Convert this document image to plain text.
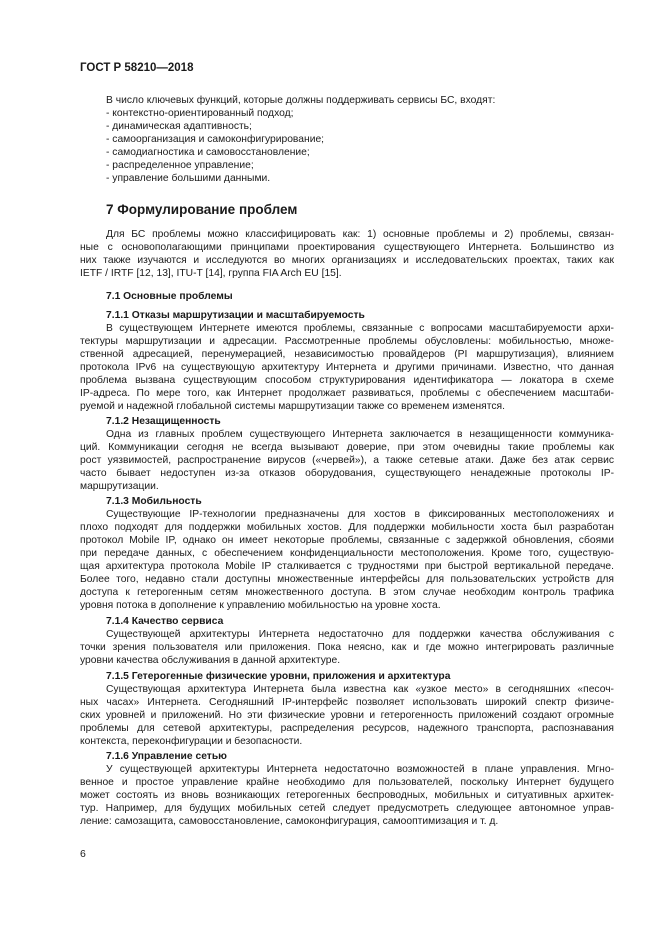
ГОСТ Р 58210—2018
В число ключевых функций, которые должны поддерживать сервисы БС, входят:
- контекстно-ориентированный подход;
- динамическая адаптивность;
- самоорганизация и самоконфигурирование;
- самодиагностика и самовосстановление;
- распределенное управление;
- управление большими данными.
7 Формулирование проблем
Для БС проблемы можно классифицировать как: 1) основные проблемы и 2) проблемы, связан-
ные с основополагающими принципами проектирования существующего Интернета. Большинство из
них также изучаются и исследуются во многих организациях и исследовательских проектах, таких как
IETF / IRTF [12, 13], ITU-T [14], группа FIA Arch EU [15].
7.1 Основные проблемы
7.1.1 Отказы маршрутизации и масштабируемость
В существующем Интернете имеются проблемы, связанные с вопросами масштабируемости архи-
тектуры маршрутизации и адресации. Рассмотренные проблемы обусловлены: мобильностью, множе-
ственной адресацией, перенумерацией, независимостью провайдеров (PI маршрутизация), влиянием
протокола IPv6 на существующую архитектуру Интернета и другими причинами. Известно, что данная
проблема вызвана существующим способом структурирования идентификатора — локатора в схеме
IP-адреса. По мере того, как Интернет продолжает развиваться, проблемы с обеспечением масштаби-
руемой и надежной глобальной системы маршрутизации также со временем изменятся.
7.1.2 Незащищенность
Одна из главных проблем существующего Интернета заключается в незащищенности коммуника-
ций. Коммуникации сегодня не всегда вызывают доверие, при этом очевидны такие проблемы как
рост уязвимостей, распространение вирусов («червей»), а также сетевые атаки. Даже без атак сервис
часто бывает недоступен из-за отказов оборудования, существующего ненадежные протоколы IP-
маршрутизации.
7.1.3 Мобильность
Существующие IP-технологии предназначены для хостов в фиксированных местоположениях и
плохо подходят для поддержки мобильных хостов. Для поддержки мобильности хоста был разработан
протокол Mobile IP, однако он имеет некоторые проблемы, связанные с задержкой обновления, сбоями
при передаче данных, с обеспечением конфиденциальности местоположения. Кроме того, существую-
щая архитектура протокола Mobile IP сталкивается с трудностями при быстрой вертикальной передаче.
Более того, недавно стали доступны множественные интерфейсы для пользовательских устройств для
доступа к гетерогенным сетям множественного доступа. В этом случае необходим контроль трафика
уровня потока в дополнение к управлению мобильностью на уровне хоста.
7.1.4 Качество сервиса
Существующей архитектуры Интернета недостаточно для поддержки качества обслуживания с
точки зрения пользователя или приложения. Пока неясно, как и где можно интегрировать различные
уровни качества обслуживания в данной архитектуре.
7.1.5 Гетерогенные физические уровни, приложения и архитектура
Существующая архитектура Интернета была известна как «узкое место» в сегодняшних «песоч-
ных часах» Интернета. Сегодняшний IP-интерфейс позволяет использовать широкий спектр физиче-
ских уровней и приложений. Но эти физические уровни и гетерогенность приложений создают огромные
проблемы для сетевой архитектуры, распределения ресурсов, надежного транспорта, распознавания
контекста, переконфигурации и безопасности.
7.1.6 Управление сетью
У существующей архитектуры Интернета недостаточно возможностей в плане управления. Мгно-
венное и простое управление крайне необходимо для пользователей, поскольку Интернет будущего
может состоять из вновь возникающих гетерогенных беспроводных, мобильных и ситуативных архитек-
тур. Например, для будущих мобильных сетей следует предусмотреть следующее автономное управ-
ление: самозащита, самовосстановление, самоконфигурация, самооптимизация и т. д.
6
